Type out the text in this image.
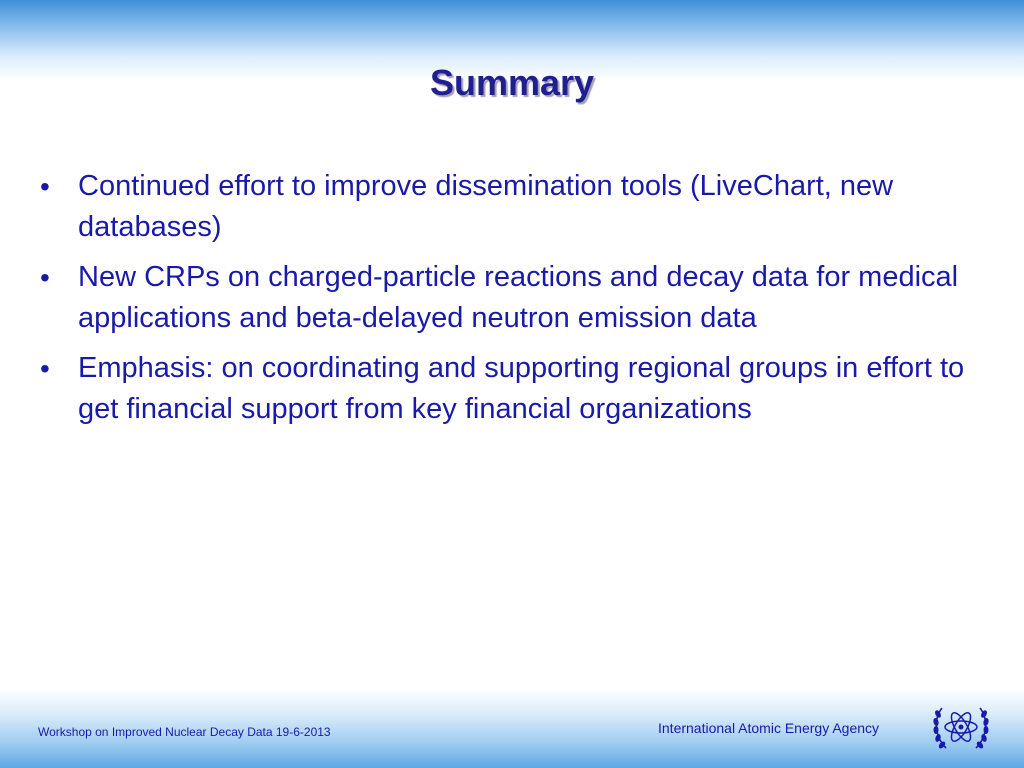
Summary
• Continued effort to improve dissemination tools (LiveChart, new databases)
• New CRPs on charged-particle reactions and decay data for medical applications and beta-delayed neutron emission data
• Emphasis: on coordinating and supporting regional groups in effort to get financial support from key financial organizations
Workshop on Improved Nuclear Decay Data 19-6-2013	International Atomic Energy Agency
